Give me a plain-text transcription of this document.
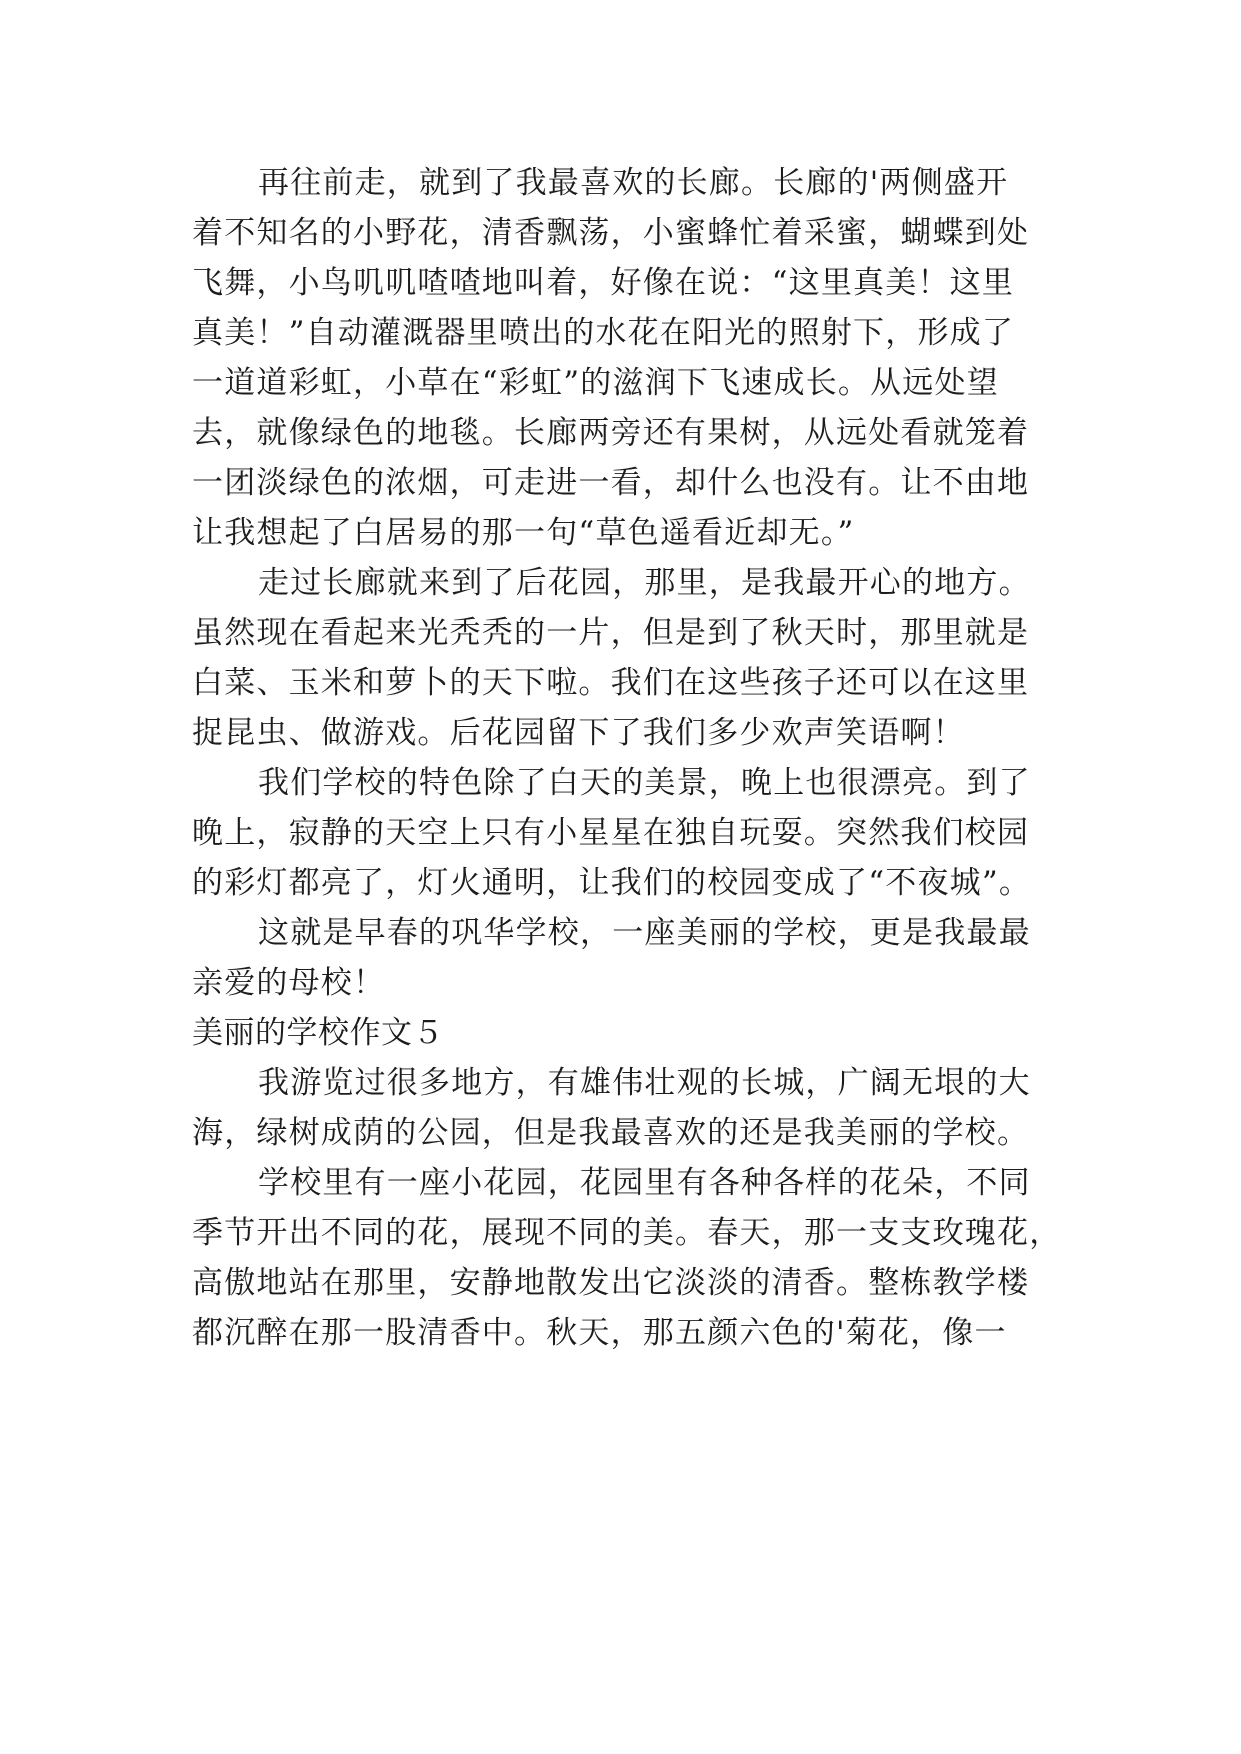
再往前走，就到了我最喜欢的长廊。长廊的'两侧盛开
着不知名的小野花，清香飘荡，小蜜蜂忙着采蜜，蝴蝶到处
飞舞，小鸟叽叽喳喳地叫着，好像在说：“这里真美！这里
真美！”自动灌溉器里喷出的水花在阳光的照射下，形成了
一道道彩虹，小草在“彩虹”的滋润下飞速成长。从远处望
去，就像绿色的地毯。长廊两旁还有果树，从远处看就笼着
一团淡绿色的浓烟，可走进一看，却什么也没有。让不由地
让我想起了白居易的那一句“草色遥看近却无。”
走过长廊就来到了后花园，那里，是我最开心的地方。
虽然现在看起来光秃秃的一片，但是到了秋天时，那里就是
白菜、玉米和萝卜的天下啦。我们在这些孩子还可以在这里
捉昆虫、做游戏。后花园留下了我们多少欢声笑语啊！
我们学校的特色除了白天的美景，晚上也很漂亮。到了
晚上，寂静的天空上只有小星星在独自玩耍。突然我们校园
的彩灯都亮了，灯火通明，让我们的校园变成了“不夜城”。
这就是早春的巩华学校，一座美丽的学校，更是我最最
亲爱的母校！
美丽的学校作文５
我游览过很多地方，有雄伟壮观的长城，广阔无垠的大
海，绿树成荫的公园，但是我最喜欢的还是我美丽的学校。
学校里有一座小花园，花园里有各种各样的花朵，不同
季节开出不同的花，展现不同的美。春天，那一支支玫瑰花，
高傲地站在那里，安静地散发出它淡淡的清香。整栋教学楼
都沉醉在那一股清香中。秋天，那五颜六色的'菊花，像一
